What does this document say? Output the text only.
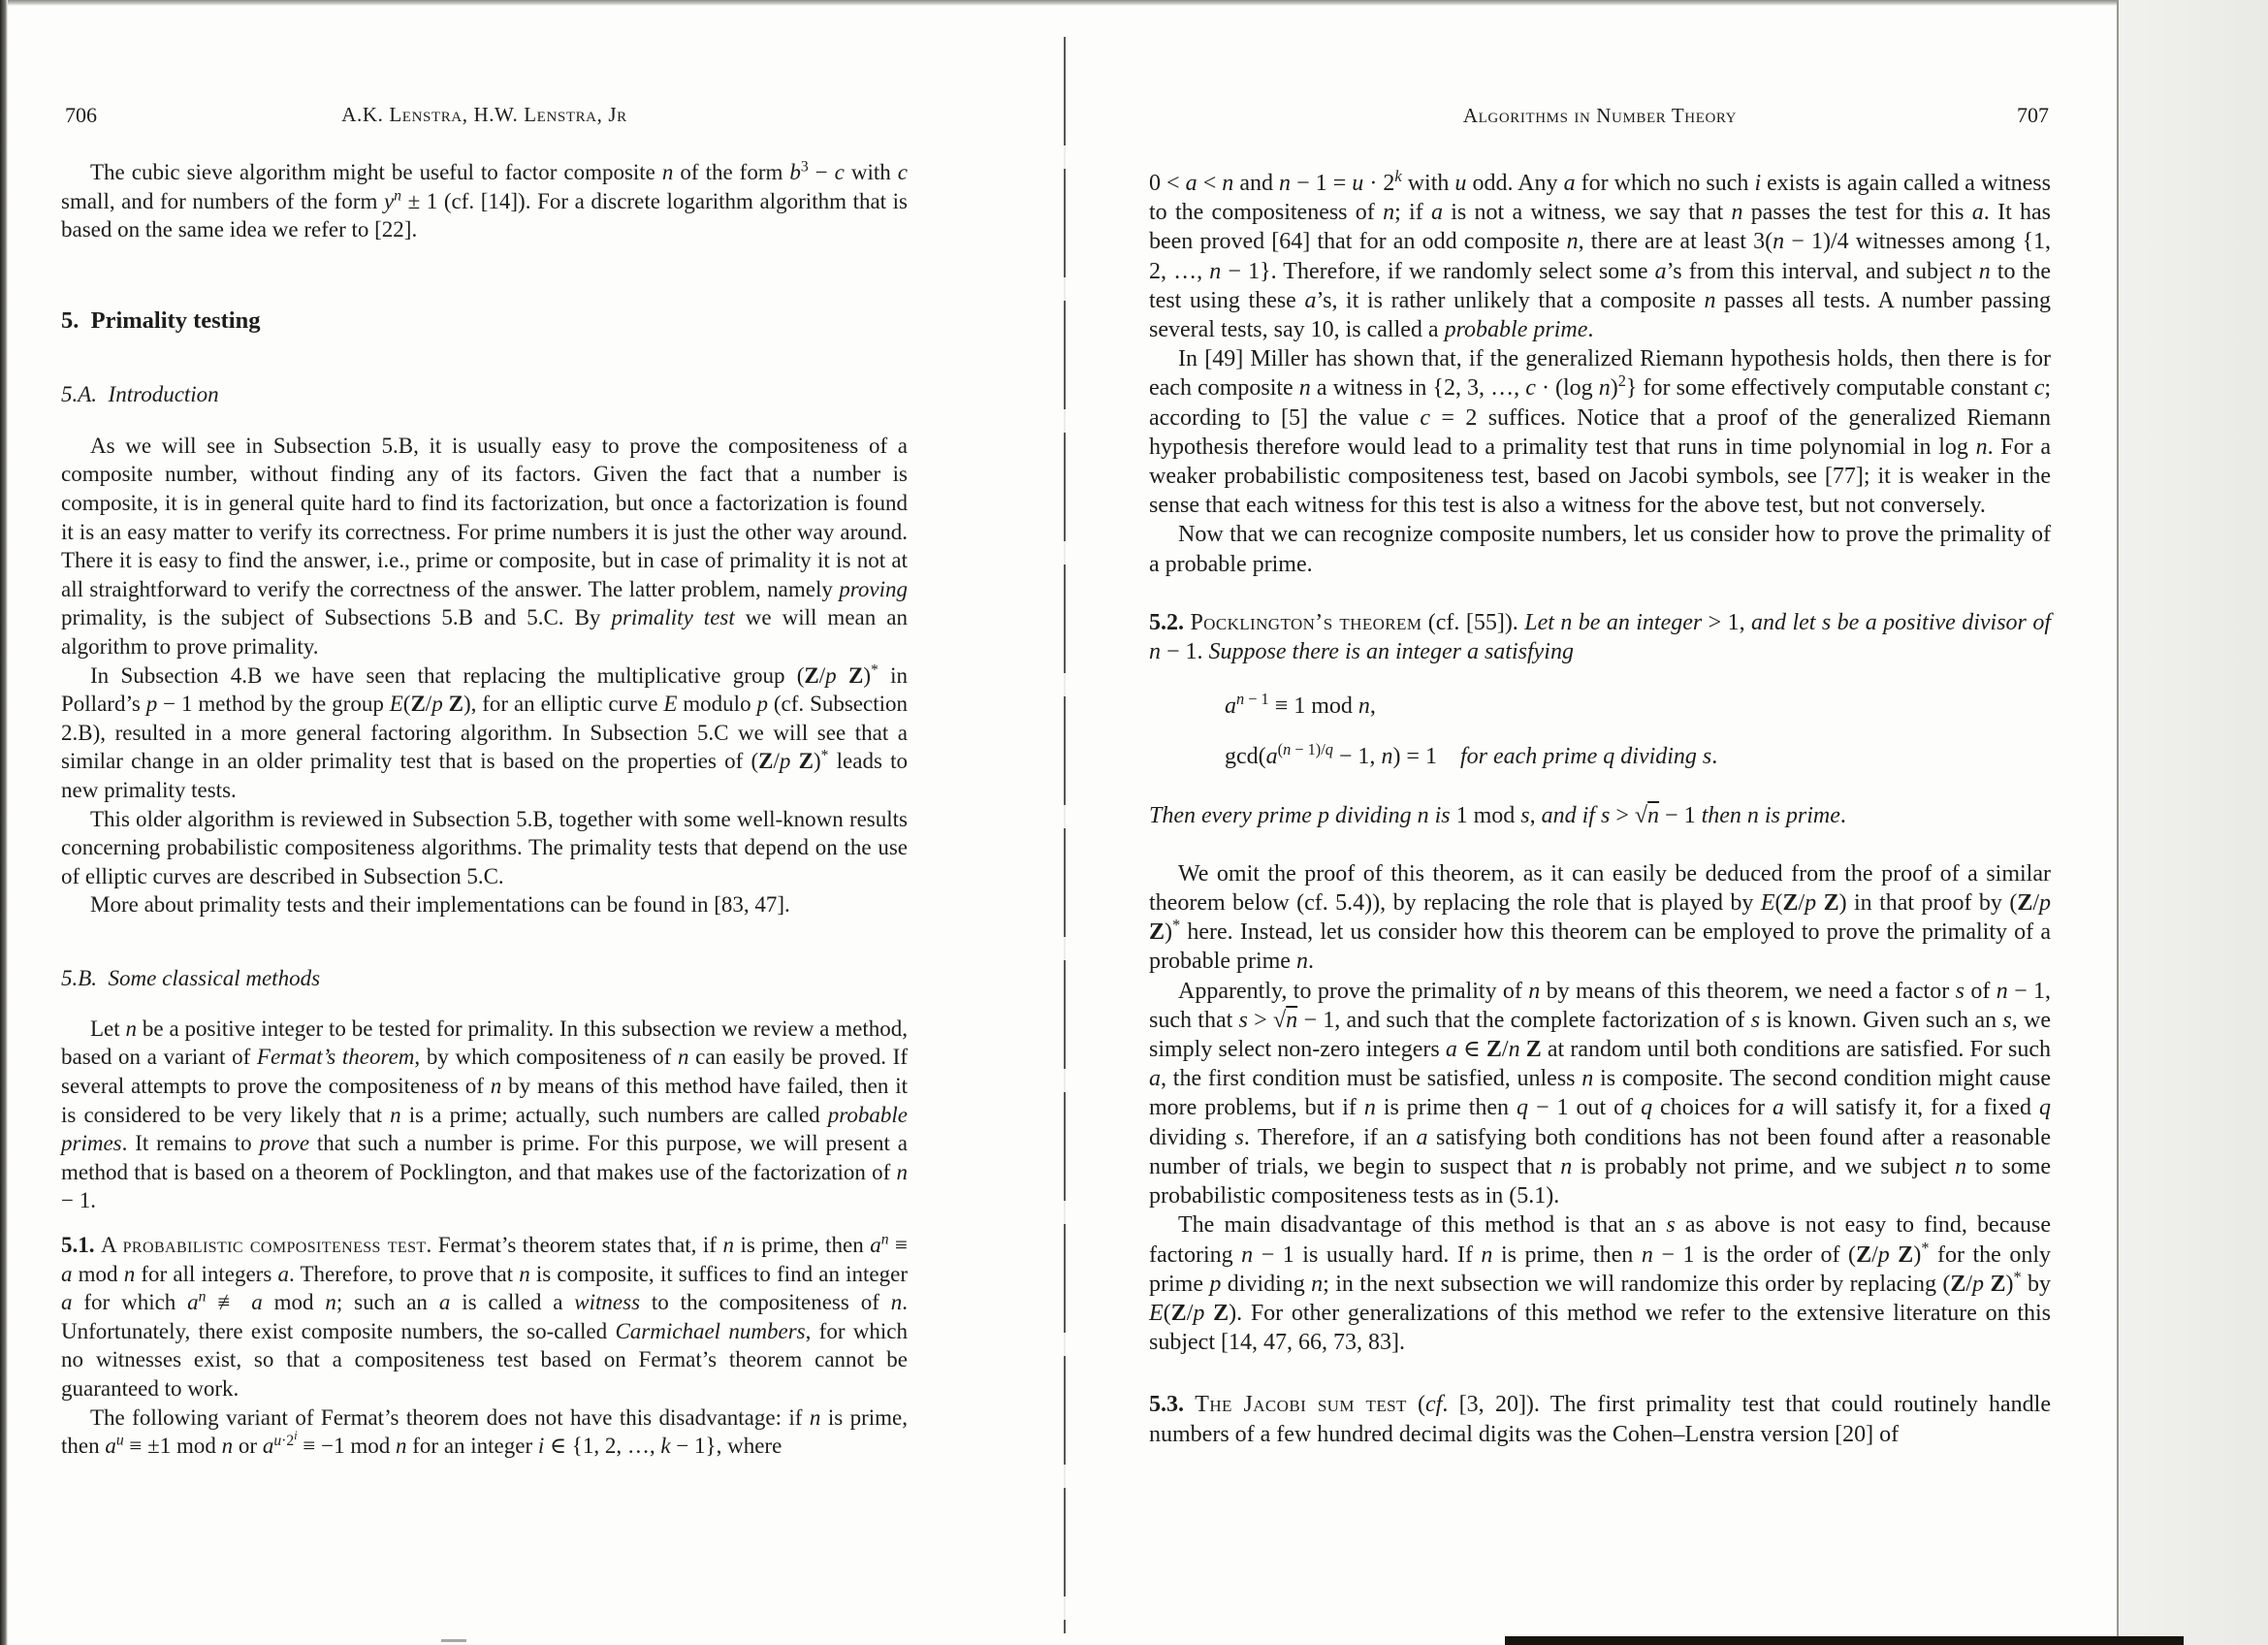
706	A.K. Lenstra, H.W. Lenstra, Jr

The cubic sieve algorithm might be useful to factor composite n of the form $b^3 - c$ with c small, and for numbers of the form $y^n \pm 1$ (cf. [14]). For a discrete logarithm algorithm that is based on the same idea we refer to [22].

5.  Primality testing
5.A.  Introduction

As we will see in Subsection 5.B, it is usually easy to prove the compositeness of a composite number, without finding any of its factors. Given the fact that a number is composite, it is in general quite hard to find its factorization, but once a factorization is found it is an easy matter to verify its correctness. For prime numbers it is just the other way around. There it is easy to find the answer, i.e., prime or composite, but in case of primality it is not at all straightforward to verify the correctness of the answer. The latter problem, namely proving primality, is the subject of Subsections 5.B and 5.C. By primality test we will mean an algorithm to prove primality.

In Subsection 4.B we have seen that replacing the multiplicative group (Z/p Z)* in Pollard’s p − 1 method by the group E(Z/p Z), for an elliptic curve E modulo p (cf. Subsection 2.B), resulted in a more general factoring algorithm. In Subsection 5.C we will see that a similar change in an older primality test that is based on the properties of (Z/p Z)* leads to new primality tests.

This older algorithm is reviewed in Subsection 5.B, together with some well-known results concerning probabilistic compositeness algorithms. The primality tests that depend on the use of elliptic curves are described in Subsection 5.C.

More about primality tests and their implementations can be found in [83, 47].

5.B.  Some classical methods

Let n be a positive integer to be tested for primality. In this subsection we review a method, based on a variant of Fermat’s theorem, by which compositeness of n can easily be proved. If several attempts to prove the compositeness of n by means of this method have failed, then it is considered to be very likely that n is a prime; actually, such numbers are called probable primes. It remains to prove that such a number is prime. For this purpose, we will present a method that is based on a theorem of Pocklington, and that makes use of the factorization of n − 1.

5.1. A probabilistic compositeness test. Fermat’s theorem states that, if n is prime, then $a^n \equiv a$ mod n for all integers a. Therefore, to prove that n is composite, it suffices to find an integer a for which $a^n$ ≢ a mod n; such an a is called a witness to the compositeness of n. Unfortunately, there exist composite numbers, the so-called Carmichael numbers, for which no witnesses exist, so that a compositeness test based on Fermat’s theorem cannot be guaranteed to work.

The following variant of Fermat’s theorem does not have this disadvantage: if n is prime, then $a^u \equiv \pm 1$ mod n or $a^{u\cdot 2^i} \equiv -1$ mod n for an integer i ∈ {1, 2, …, k − 1}, where

Algorithms in Number Theory	707

0 < a < n and $n - 1 = u \cdot 2^k$ with u odd. Any a for which no such i exists is again called a witness to the compositeness of n; if a is not a witness, we say that n passes the test for this a. It has been proved [64] that for an odd composite n, there are at least 3(n − 1)/4 witnesses among {1, 2, …, n − 1}. Therefore, if we randomly select some a’s from this interval, and subject n to the test using these a’s, it is rather unlikely that a composite n passes all tests. A number passing several tests, say 10, is called a probable prime.

In [49] Miller has shown that, if the generalized Riemann hypothesis holds, then there is for each composite n a witness in {2, 3, …, c · (log n)$^2$} for some effectively computable constant c; according to [5] the value c = 2 suffices. Notice that a proof of the generalized Riemann hypothesis therefore would lead to a primality test that runs in time polynomial in log n. For a weaker probabilistic compositeness test, based on Jacobi symbols, see [77]; it is weaker in the sense that each witness for this test is also a witness for the above test, but not conversely.

Now that we can recognize composite numbers, let us consider how to prove the primality of a probable prime.

5.2. Pocklington’s theorem (cf. [55]). Let n be an integer > 1, and let s be a positive divisor of n − 1. Suppose there is an integer a satisfying

$a^{n - 1} \equiv 1$ mod n,
$\gcd(a^{(n - 1)/q} - 1$, n) = 1 for each prime q dividing s.

Then every prime p dividing n is 1 mod s, and if s > √n − 1 then n is prime.

We omit the proof of this theorem, as it can easily be deduced from the proof of a similar theorem below (cf. 5.4)), by replacing the role that is played by E(Z/p Z) in that proof by (Z/p Z)* here. Instead, let us consider how this theorem can be employed to prove the primality of a probable prime n.

Apparently, to prove the primality of n by means of this theorem, we need a factor s of n − 1, such that s > √n − 1, and such that the complete factorization of s is known. Given such an s, we simply select non-zero integers a ∈ Z/n Z at random until both conditions are satisfied. For such a, the first condition must be satisfied, unless n is composite. The second condition might cause more problems, but if n is prime then q − 1 out of q choices for a will satisfy it, for a fixed q dividing s. Therefore, if an a satisfying both conditions has not been found after a reasonable number of trials, we begin to suspect that n is probably not prime, and we subject n to some probabilistic compositeness tests as in (5.1).

The main disadvantage of this method is that an s as above is not easy to find, because factoring n − 1 is usually hard. If n is prime, then n − 1 is the order of (Z/p Z)* for the only prime p dividing n; in the next subsection we will randomize this order by replacing (Z/p Z)* by E(Z/p Z). For other generalizations of this method we refer to the extensive literature on this subject [14, 47, 66, 73, 83].

5.3. The Jacobi sum test (cf. [3, 20]). The first primality test that could routinely handle numbers of a few hundred decimal digits was the Cohen–Lenstra version [20] of
